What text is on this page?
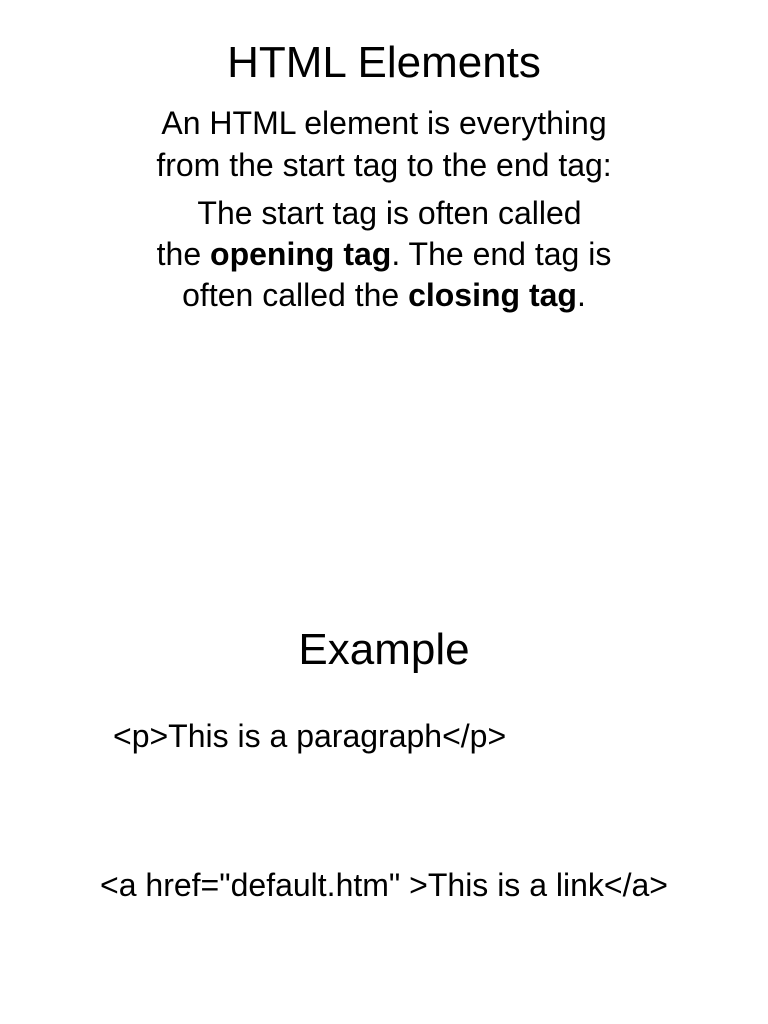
HTML Elements
An HTML element is everything
from the start tag to the end tag:
The start tag is often called
the opening tag. The end tag is
often called the closing tag.
Example
<p>This is a paragraph</p>
<a href="default.htm" >This is a link</a>
